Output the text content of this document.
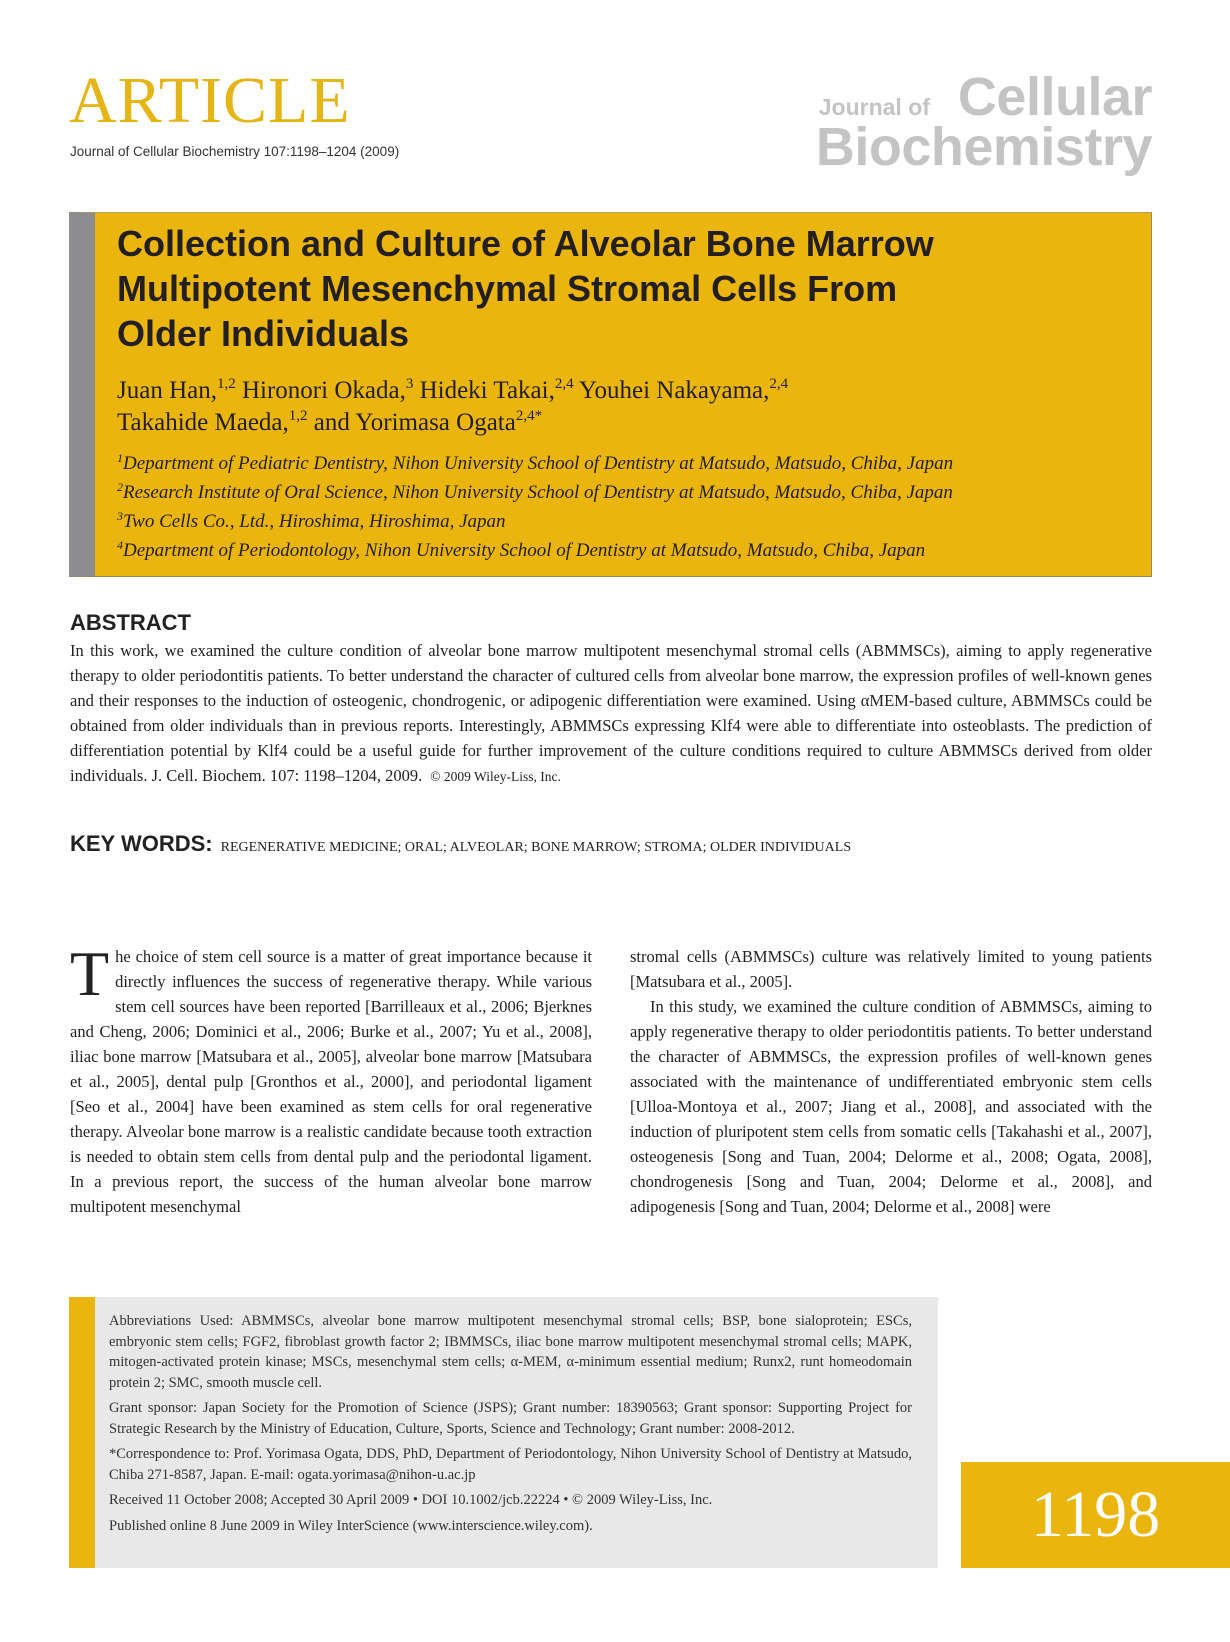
ARTICLE
Journal of Cellular Biochemistry 107:1198–1204 (2009)
Journal of Cellular
Biochemistry
Collection and Culture of Alveolar Bone Marrow
Multipotent Mesenchymal Stromal Cells From
Older Individuals
Juan Han,$^{1,2}$ Hironori Okada,$^3$ Hideki Takai,$^{2,4}$ Youhei Nakayama,$^{2,4}$
Takahide Maeda,$^{1,2}$ and Yorimasa Ogata$^{2,4*}$
$^1$Department of Pediatric Dentistry, Nihon University School of Dentistry at Matsudo, Matsudo, Chiba, Japan
$^2$Research Institute of Oral Science, Nihon University School of Dentistry at Matsudo, Matsudo, Chiba, Japan
$^3$Two Cells Co., Ltd., Hiroshima, Hiroshima, Japan
$^4$Department of Periodontology, Nihon University School of Dentistry at Matsudo, Matsudo, Chiba, Japan
ABSTRACT

In this work, we examined the culture condition of alveolar bone marrow multipotent mesenchymal stromal cells (ABMMSCs), aiming to apply regenerative therapy to older periodontitis patients. To better understand the character of cultured cells from alveolar bone marrow, the expression profiles of well-known genes and their responses to the induction of osteogenic, chondrogenic, or adipogenic differentiation were examined. Using αMEM-based culture, ABMMSCs could be obtained from older individuals than in previous reports. Interestingly, ABMMSCs expressing Klf4 were able to differentiate into osteoblasts. The prediction of differentiation potential by Klf4 could be a useful guide for further improvement of the culture conditions required to culture ABMMSCs derived from older individuals. J. Cell. Biochem. 107: 1198–1204, 2009. © 2009 Wiley-Liss, Inc.

KEY WORDS: REGENERATIVE MEDICINE; ORAL; ALVEOLAR; BONE MARROW; STROMA; OLDER INDIVIDUALS

The choice of stem cell source is a matter of great importance because it directly influences the success of regenerative therapy. While various stem cell sources have been reported [Barrilleaux et al., 2006; Bjerknes and Cheng, 2006; Dominici et al., 2006; Burke et al., 2007; Yu et al., 2008], iliac bone marrow [Matsubara et al., 2005], alveolar bone marrow [Matsubara et al., 2005], dental pulp [Gronthos et al., 2000], and periodontal ligament [Seo et al., 2004] have been examined as stem cells for oral regenerative therapy. Alveolar bone marrow is a realistic candidate because tooth extraction is needed to obtain stem cells from dental pulp and the periodontal ligament. In a previous report, the success of the human alveolar bone marrow multipotent mesenchymal

stromal cells (ABMMSCs) culture was relatively limited to young patients [Matsubara et al., 2005].
In this study, we examined the culture condition of ABMMSCs, aiming to apply regenerative therapy to older periodontitis patients. To better understand the character of ABMMSCs, the expression profiles of well-known genes associated with the maintenance of undifferentiated embryonic stem cells [Ulloa-Montoya et al., 2007; Jiang et al., 2008], and associated with the induction of pluripotent stem cells from somatic cells [Takahashi et al., 2007], osteogenesis [Song and Tuan, 2004; Delorme et al., 2008; Ogata, 2008], chondrogenesis [Song and Tuan, 2004; Delorme et al., 2008], and adipogenesis [Song and Tuan, 2004; Delorme et al., 2008] were

Abbreviations Used: ABMMSCs, alveolar bone marrow multipotent mesenchymal stromal cells; BSP, bone sialoprotein; ESCs, embryonic stem cells; FGF2, fibroblast growth factor 2; IBMMSCs, iliac bone marrow multipotent mesenchymal stromal cells; MAPK, mitogen-activated protein kinase; MSCs, mesenchymal stem cells; α-MEM, α-minimum essential medium; Runx2, runt homeodomain protein 2; SMC, smooth muscle cell.

Grant sponsor: Japan Society for the Promotion of Science (JSPS); Grant number: 18390563; Grant sponsor: Supporting Project for Strategic Research by the Ministry of Education, Culture, Sports, Science and Technology; Grant number: 2008-2012.

*Correspondence to: Prof. Yorimasa Ogata, DDS, PhD, Department of Periodontology, Nihon University School of Dentistry at Matsudo, Chiba 271-8587, Japan. E-mail: ogata.yorimasa@nihon-u.ac.jp

Received 11 October 2008; Accepted 30 April 2009 • DOI 10.1002/jcb.22224 • © 2009 Wiley-Liss, Inc.

Published online 8 June 2009 in Wiley InterScience (www.interscience.wiley.com).	1198
